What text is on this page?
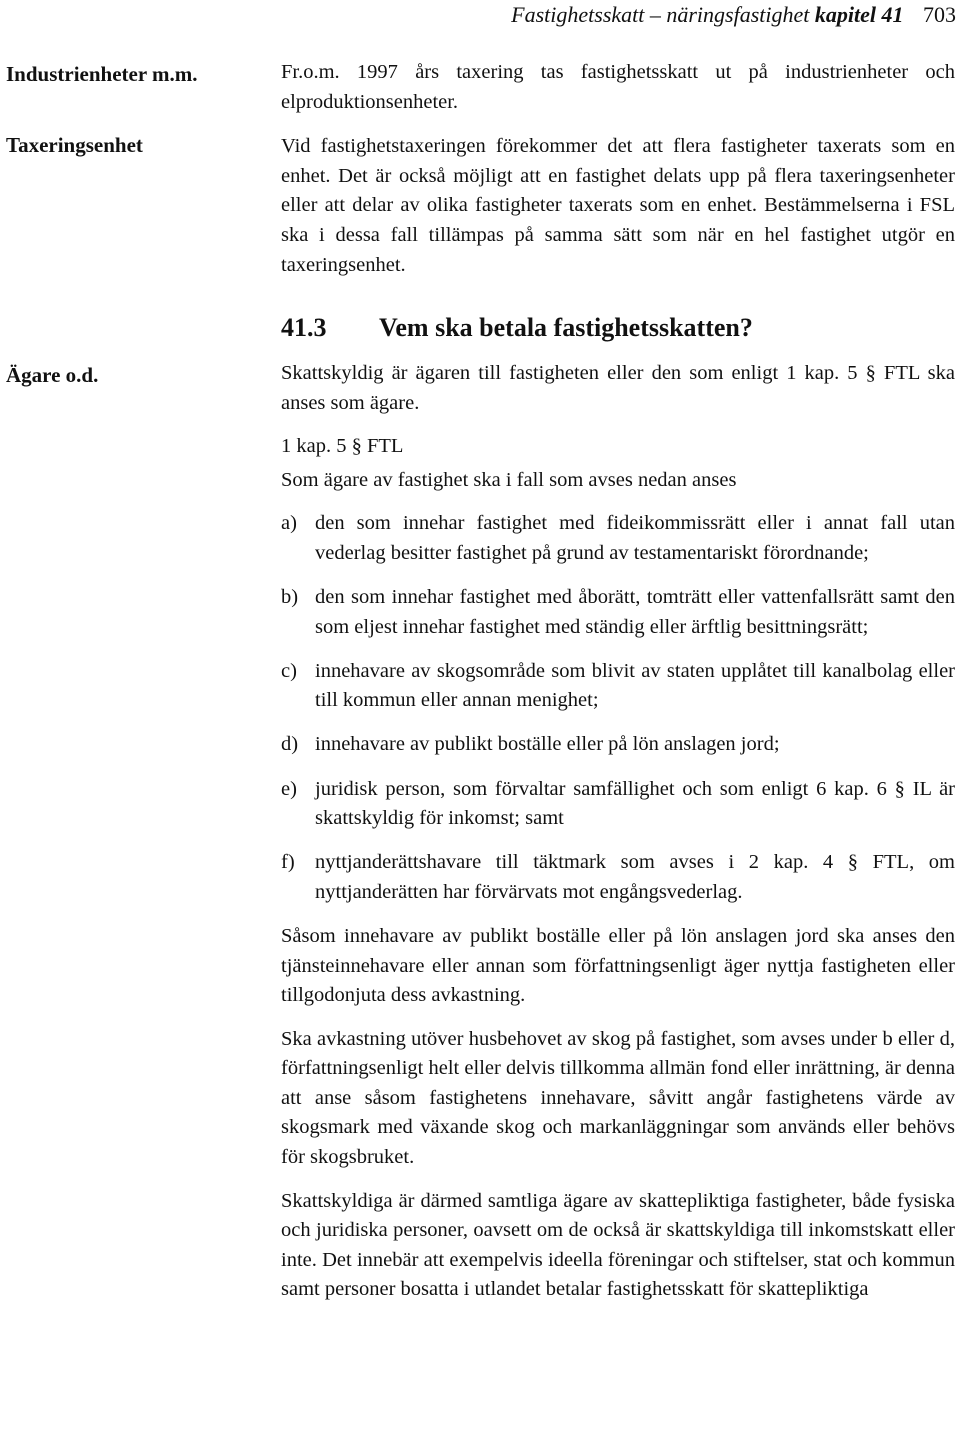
Fastighetsskatt – näringsfastighet kapitel 41 703
Industrienheter m.m.
Taxeringsenhet
Ägare o.d.

Fr.o.m. 1997 års taxering tas fastighetsskatt ut på industrienheter och elproduktionsenheter.

Vid fastighetstaxeringen förekommer det att flera fastigheter taxerats som en enhet. Det är också möjligt att en fastighet delats upp på flera taxeringsenheter eller att delar av olika fastigheter taxerats som en enhet. Bestämmelserna i FSL ska i dessa fall tillämpas på samma sätt som när en hel fastighet utgör en taxeringsenhet.

41.3 Vem ska betala fastighetsskatten?

Skattskyldig är ägaren till fastigheten eller den som enligt 1 kap. 5 § FTL ska anses som ägare.

1 kap. 5 § FTL

Som ägare av fastighet ska i fall som avses nedan anses

a) den som innehar fastighet med fideikommissrätt eller i annat fall utan vederlag besitter fastighet på grund av testamentariskt förordnande;
b) den som innehar fastighet med åborätt, tomträtt eller vattenfallsrätt samt den som eljest innehar fastighet med ständig eller ärftlig besittningsrätt;
c) innehavare av skogsområde som blivit av staten upplåtet till kanalbolag eller till kommun eller annan menighet;
d) innehavare av publikt boställe eller på lön anslagen jord;
e) juridisk person, som förvaltar samfällighet och som enligt 6 kap. 6 § IL är skattskyldig för inkomst; samt
f) nyttjanderättshavare till täktmark som avses i 2 kap. 4 § FTL, om nyttjanderätten har förvärvats mot engångsvederlag.

Såsom innehavare av publikt boställe eller på lön anslagen jord ska anses den tjänsteinnehavare eller annan som författningsenligt äger nyttja fastigheten eller tillgodonjuta dess avkastning.

Ska avkastning utöver husbehovet av skog på fastighet, som avses under b eller d, författningsenligt helt eller delvis tillkomma allmän fond eller inrättning, är denna att anse såsom fastighetens innehavare, såvitt angår fastighetens värde av skogsmark med växande skog och markanläggningar som används eller behövs för skogsbruket.

Skattskyldiga är därmed samtliga ägare av skattepliktiga fastigheter, både fysiska och juridiska personer, oavsett om de också är skattskyldiga till inkomstskatt eller inte. Det innebär att exempelvis ideella föreningar och stiftelser, stat och kommun samt personer bosatta i utlandet betalar fastighetsskatt för skattepliktiga
